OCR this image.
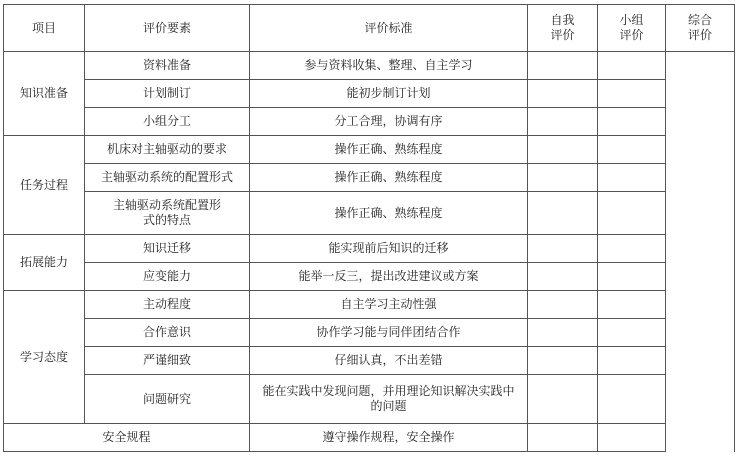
项目	评价要素	评价标准	自我评价	小组评价	综合评价
知识准备	资料准备	参与资料收集、整理、自主学习			
	计划制订	能初步制订计划			
	小组分工	分工合理，协调有序			
任务过程	机床对主轴驱动的要求	操作正确、熟练程度			
	主轴驱动系统的配置形式	操作正确、熟练程度			
	主轴驱动系统配置形式的特点	操作正确、熟练程度			
拓展能力	知识迁移	能实现前后知识的迁移			
	应变能力	能举一反三，提出改进建议或方案			
学习态度	主动程度	自主学习主动性强			
	合作意识	协作学习能与同伴团结合作			
	严谨细致	仔细认真，不出差错			
	问题研究	能在实践中发现问题，并用理论知识解决实践中的问题			
安全规程		遵守操作规程，安全操作			
